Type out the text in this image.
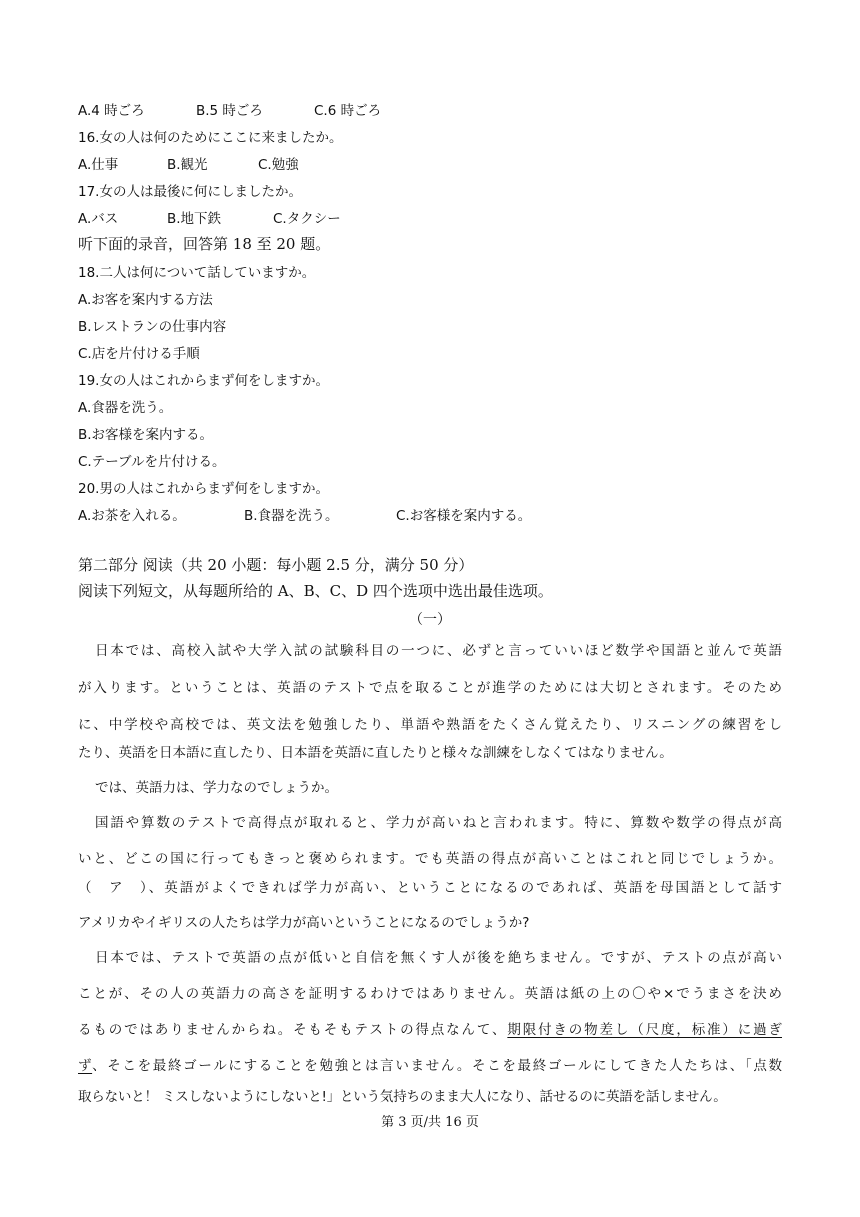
A.4 時ごろ	B.5 時ごろ	C.6 時ごろ
16.女の人は何のためにここに来ましたか。
A.仕事	B.観光	C.勉強
17.女の人は最後に何にしましたか。
A.バス	B.地下鉄	C.タクシー
听下面的录音，回答第 18 至 20 题。
18.二人は何について話していますか。
A.お客を案内する方法
B.レストランの仕事内容
C.店を片付ける手順
19.女の人はこれからまず何をしますか。
A.食器を洗う。
B.お客様を案内する。
C.テーブルを片付ける。
20.男の人はこれからまず何をしますか。
A.お茶を入れる。	B.食器を洗う。	C.お客様を案内する。
第二部分 阅读（共 20 小题：每小题 2.5 分，满分 50 分）
阅读下列短文，从每题所给的 A、B、C、D 四个选项中选出最佳选项。
（一）
日本では、高校入試や大学入試の試験科目の一つに、必ずと言っていいほど数学や国語と並んで英語
が入ります。ということは、英語のテストで点を取ることが進学のためには大切とされます。そのため
に、中学校や高校では、英文法を勉強したり、単語や熟語をたくさん覚えたり、リスニングの練習をし
たり、英語を日本語に直したり、日本語を英語に直したりと様々な訓練をしなくてはなりません。
では、英語力は、学力なのでしょうか。
国語や算数のテストで高得点が取れると、学力が高いねと言われます。特に、算数や数学の得点が高
いと、どこの国に行ってもきっと褒められます。でも英語の得点が高いことはこれと同じでしょうか。
（　ア　）、英語がよくできれば学力が高い、ということになるのであれば、英語を母国語として話す
アメリカやイギリスの人たちは学力が高いということになるのでしょうか?
日本では、テストで英語の点が低いと自信を無くす人が後を絶ちません。ですが、テストの点が高い
ことが、その人の英語力の高さを証明するわけではありません。英語は紙の上の〇や×でうまさを決め
るものではありませんからね。そもそもテストの得点なんて、期限付きの物差し（尺度，标准）に過ぎ
ず、そこを最終ゴールにすることを勉強とは言いません。そこを最終ゴールにしてきた人たちは、「点数
取らないと！ ミスしないようにしないと!」という気持ちのまま大人になり、話せるのに英語を話しません。
第 3 页/共 16 页
